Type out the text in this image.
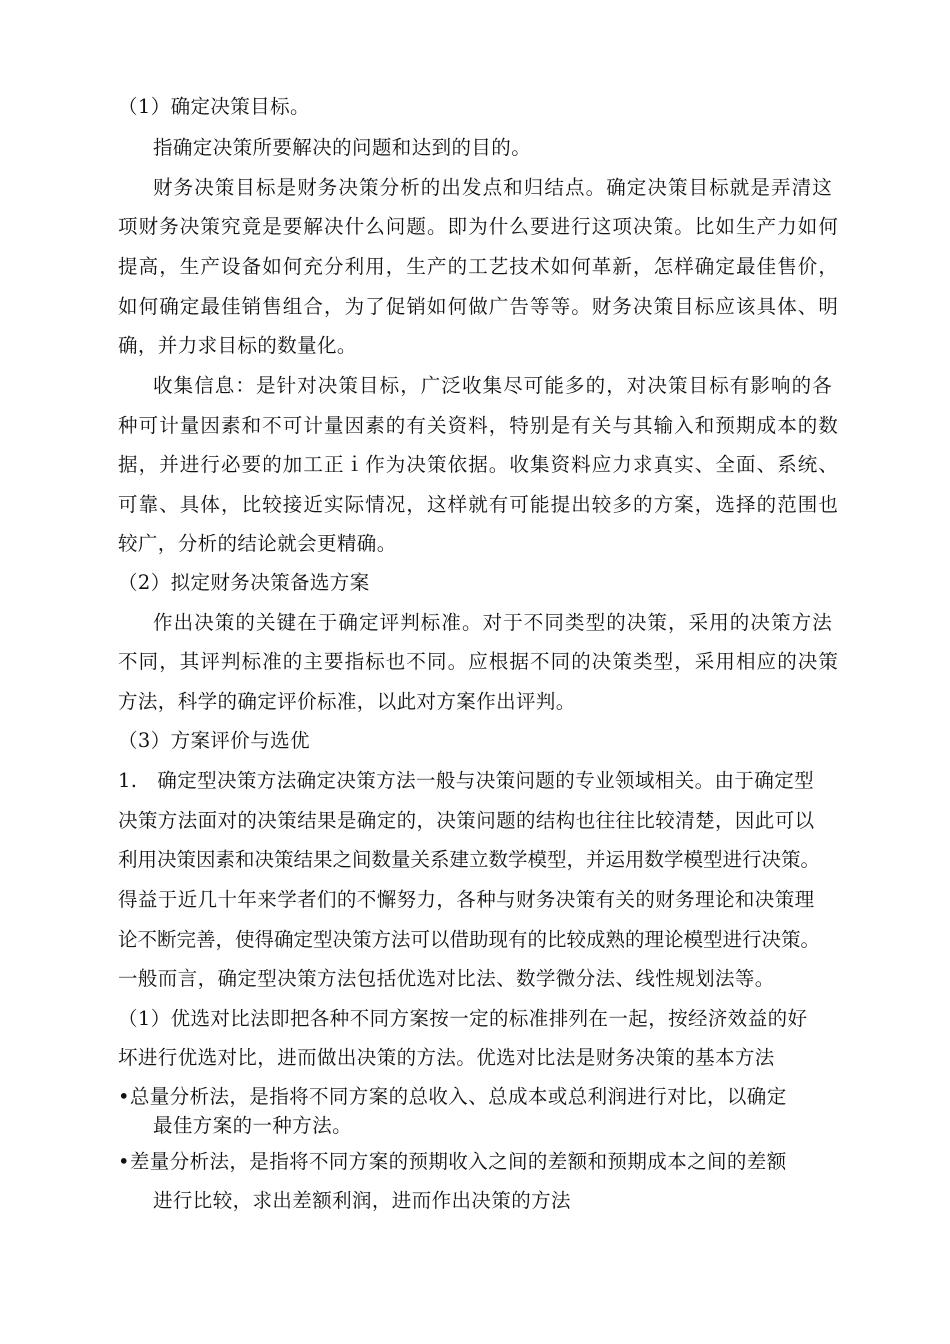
（1）确定决策目标。
指确定决策所要解决的问题和达到的目的。
财务决策目标是财务决策分析的出发点和归结点。确定决策目标就是弄清这
项财务决策究竟是要解决什么问题。即为什么要进行这项决策。比如生产力如何
提高，生产设备如何充分利用，生产的工艺技术如何革新，怎样确定最佳售价，
如何确定最佳销售组合，为了促销如何做广告等等。财务决策目标应该具体、明
确，并力求目标的数量化。
收集信息：是针对决策目标，广泛收集尽可能多的，对决策目标有影响的各
种可计量因素和不可计量因素的有关资料，特别是有关与其输入和预期成本的数
据，并进行必要的加工正ｉ作为决策依据。收集资料应力求真实、全面、系统、
可靠、具体，比较接近实际情况，这样就有可能提出较多的方案，选择的范围也
较广，分析的结论就会更精确。
（2）拟定财务决策备选方案
作出决策的关键在于确定评判标准。对于不同类型的决策，采用的决策方法
不同，其评判标准的主要指标也不同。应根据不同的决策类型，采用相应的决策
方法，科学的确定评价标准，以此对方案作出评判。
（3）方案评价与选优
1.　确定型决策方法确定决策方法一般与决策问题的专业领域相关。由于确定型
决策方法面对的决策结果是确定的，决策问题的结构也往往比较清楚，因此可以
利用决策因素和决策结果之间数量关系建立数学模型，并运用数学模型进行决策。
得益于近几十年来学者们的不懈努力，各种与财务决策有关的财务理论和决策理
论不断完善，使得确定型决策方法可以借助现有的比较成熟的理论模型进行决策。
一般而言，确定型决策方法包括优选对比法、数学微分法、线性规划法等。
（1）优选对比法即把各种不同方案按一定的标准排列在一起，按经济效益的好
坏进行优选对比，进而做出决策的方法。优选对比法是财务决策的基本方法
•总量分析法，是指将不同方案的总收入、总成本或总利润进行对比，以确定
最佳方案的一种方法。
•差量分析法，是指将不同方案的预期收入之间的差额和预期成本之间的差额
进行比较，求出差额利润，进而作出决策的方法
